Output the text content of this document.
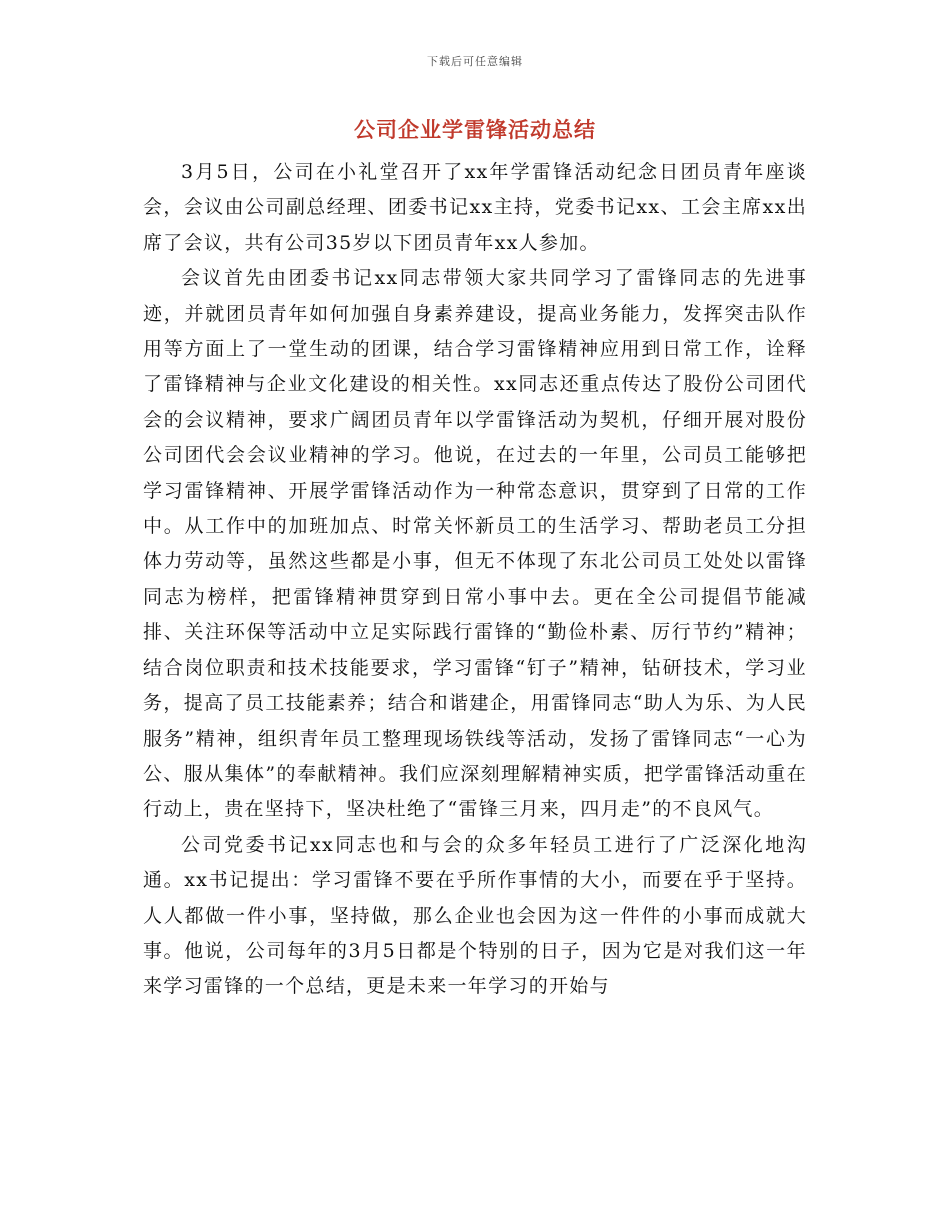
下载后可任意编辑
公司企业学雷锋活动总结

3月5日，公司在小礼堂召开了xx年学雷锋活动纪念日团员青年座谈会，会议由公司副总经理、团委书记xx主持，党委书记xx、工会主席xx出席了会议，共有公司35岁以下团员青年xx人参加。

会议首先由团委书记xx同志带领大家共同学习了雷锋同志的先进事迹，并就团员青年如何加强自身素养建设，提高业务能力，发挥突击队作用等方面上了一堂生动的团课，结合学习雷锋精神应用到日常工作，诠释了雷锋精神与企业文化建设的相关性。xx同志还重点传达了股份公司团代会的会议精神，要求广阔团员青年以学雷锋活动为契机，仔细开展对股份公司团代会会议业精神的学习。他说，在过去的一年里，公司员工能够把学习雷锋精神、开展学雷锋活动作为一种常态意识，贯穿到了日常的工作中。从工作中的加班加点、时常关怀新员工的生活学习、帮助老员工分担体力劳动等，虽然这些都是小事，但无不体现了东北公司员工处处以雷锋同志为榜样，把雷锋精神贯穿到日常小事中去。更在全公司提倡节能减排、关注环保等活动中立足实际践行雷锋的“勤俭朴素、厉行节约”精神；结合岗位职责和技术技能要求，学习雷锋“钉子”精神，钻研技术，学习业务，提高了员工技能素养；结合和谐建企，用雷锋同志“助人为乐、为人民服务”精神，组织青年员工整理现场铁线等活动，发扬了雷锋同志“一心为公、服从集体”的奉献精神。我们应深刻理解精神实质，把学雷锋活动重在行动上，贵在坚持下，坚决杜绝了“雷锋三月来，四月走”的不良风气。

公司党委书记xx同志也和与会的众多年轻员工进行了广泛深化地沟通。xx书记提出：学习雷锋不要在乎所作事情的大小，而要在乎于坚持。人人都做一件小事，坚持做，那么企业也会因为这一件件的小事而成就大事。他说，公司每年的3月5日都是个特别的日子，因为它是对我们这一年来学习雷锋的一个总结，更是未来一年学习的开始与
